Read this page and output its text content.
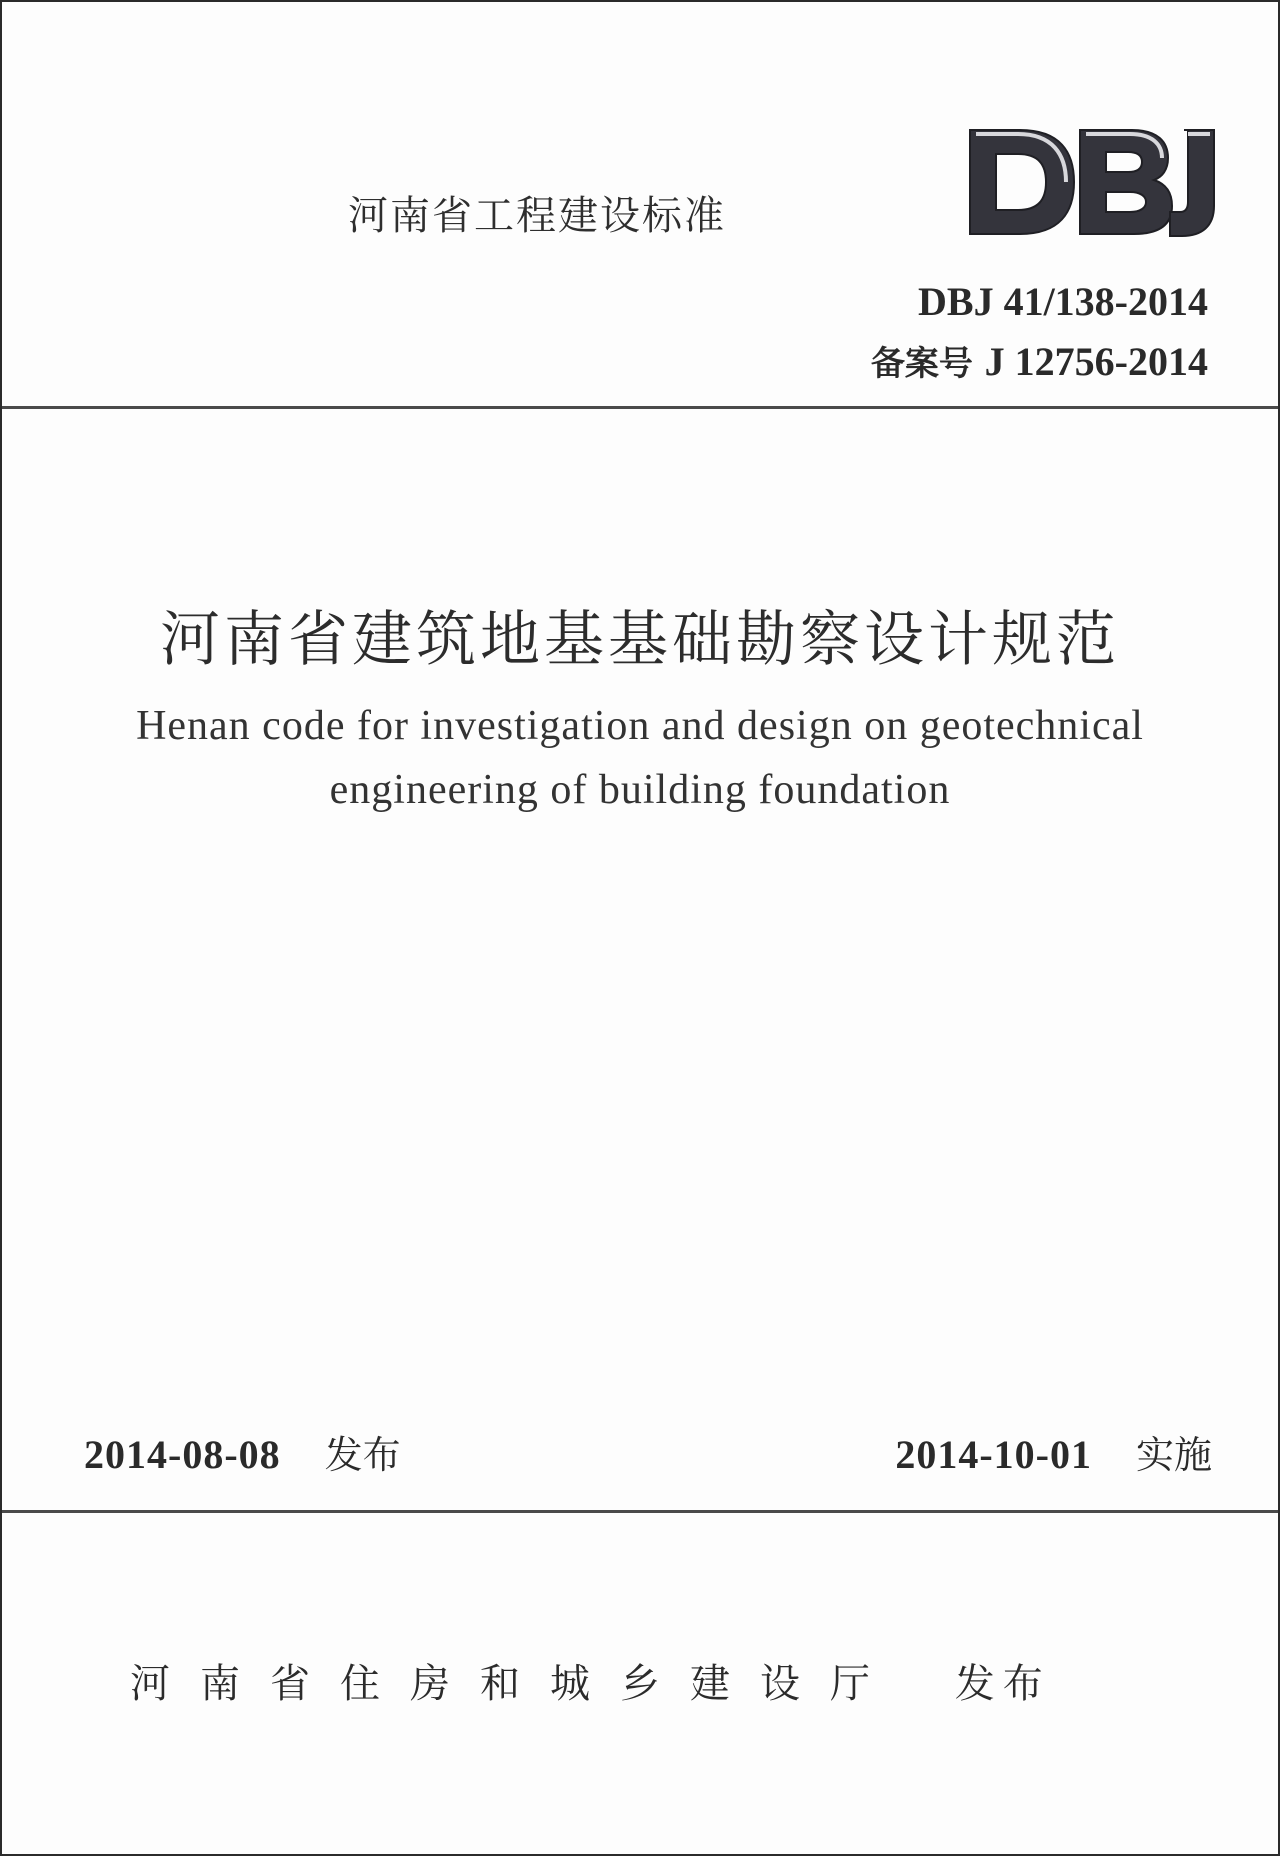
河南省工程建设标准
DBJ 41/138-2014
备案号 J 12756-2014
河南省建筑地基基础勘察设计规范
Henan code for investigation and design on geotechnical
engineering of building foundation
2014-08-08 发布	2014-10-01 实施
河南省住房和城乡建设厅 发布
